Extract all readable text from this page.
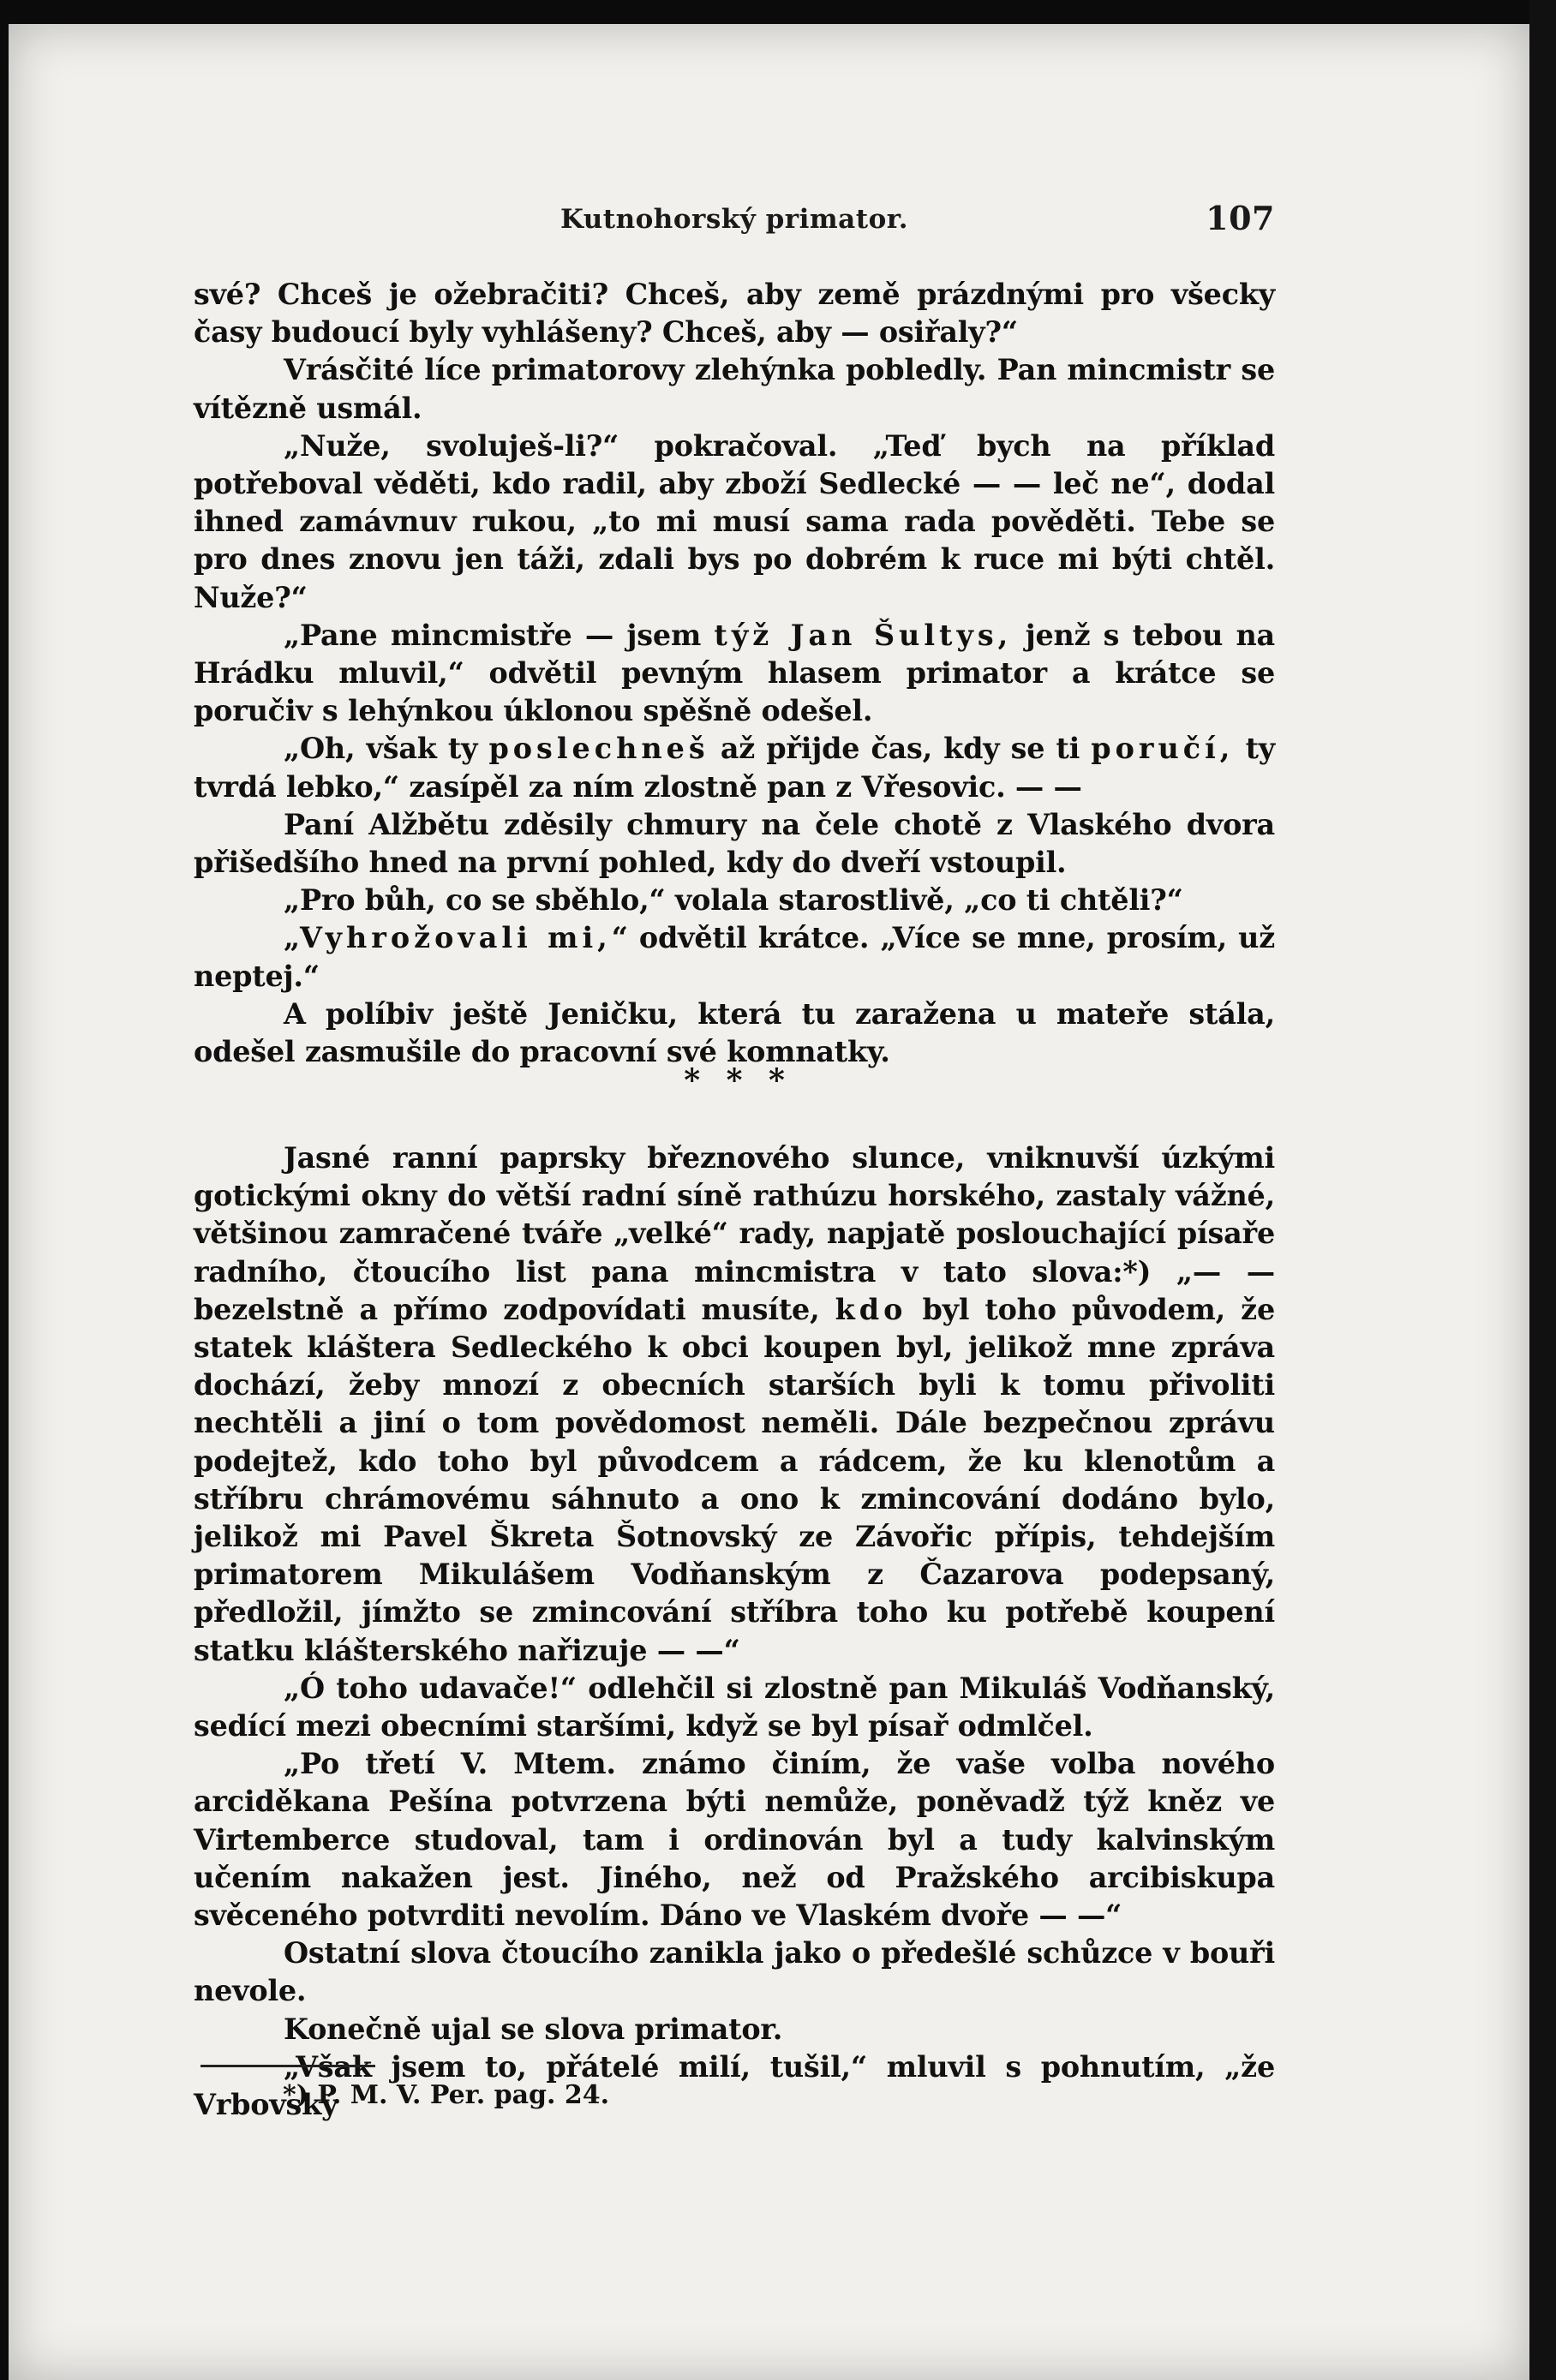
Kutnohorský primator.	107

své? Chceš je ožebračiti? Chceš, aby země prázdnými pro všecky časy budoucí byly vyhlášeny? Chceš, aby — osiřaly?“

Vrásčité líce primatorovy zlehýnka pobledly. Pan mincmistr se vítězně usmál.

„Nuže, svoluješ-li?“ pokračoval. „Teď bych na příklad potřeboval věděti, kdo radil, aby zboží Sedlecké — — leč ne“, dodal ihned zamávnuv rukou, „to mi musí sama rada pověděti. Tebe se pro dnes znovu jen táži, zdali bys po dobrém k ruce mi býti chtěl. Nuže?“

„Pane mincmistře — jsem týž Jan Šultys, jenž s tebou na Hrádku mluvil,“ odvětil pevným hlasem primator a krátce se poručiv s lehýnkou úklonou spěšně odešel.

„Oh, však ty poslechneš až přijde čas, kdy se ti poručí, ty tvrdá lebko,“ zasípěl za ním zlostně pan z Vřesovic. — —

Paní Alžbětu zděsily chmury na čele chotě z Vlaského dvora přišedšího hned na první pohled, kdy do dveří vstoupil.

„Pro bůh, co se sběhlo,“ volala starostlivě, „co ti chtěli?“

„Vyhrožovali mi,“ odvětil krátce. „Více se mne, prosím, už neptej.“

A políbiv ještě Jeničku, která tu zaražena u mateře stála, odešel zasmušile do pracovní své komnatky.

* * *

Jasné ranní paprsky březnového slunce, vniknuvší úzkými gotickými okny do větší radní síně rathúzu horského, zastaly vážné, většinou zamračené tváře „velké“ rady, napjatě poslouchající písaře radního, čtoucího list pana mincmistra v tato slova:*) „— — bezelstně a přímo zodpovídati musíte, kdo byl toho původem, že statek kláštera Sedleckého k obci koupen byl, jelikož mne zpráva dochází, žeby mnozí z obecních starších byli k tomu přivoliti nechtěli a jiní o tom povědomost neměli. Dále bezpečnou zprávu podejtež, kdo toho byl původcem a rádcem, že ku klenotům a stříbru chrámovému sáhnuto a ono k zmincování dodáno bylo, jelikož mi Pavel Škreta Šotnovský ze Závořic přípis, tehdejším primatorem Mikulášem Vodňanským z Čazarova podepsaný, předložil, jímžto se zmincování stříbra toho ku potřebě koupení statku klášterského nařizuje — —“

„Ó toho udavače!“ odlehčil si zlostně pan Mikuláš Vodňanský, sedící mezi obecními staršími, když se byl písař odmlčel.

„Po třetí V. Mtem. známo činím, že vaše volba nového arciděkana Pešína potvrzena býti nemůže, poněvadž týž kněz ve Virtemberce studoval, tam i ordinován byl a tudy kalvinským učením nakažen jest. Jiného, než od Pražského arcibiskupa svěceného potvrditi nevolím. Dáno ve Vlaském dvoře — —“

Ostatní slova čtoucího zanikla jako o předešlé schůzce v bouři nevole.

Konečně ujal se slova primator.

„Však jsem to, přátelé milí, tušil,“ mluvil s pohnutím, „že Vrbovský

*) P. M. V. Per. pag. 24.
